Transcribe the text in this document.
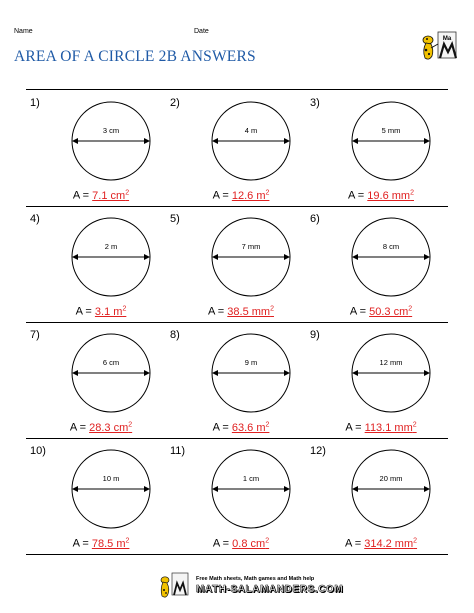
Name	Date
AREA OF A CIRCLE 2B ANSWERS
Ma
1)
3 cm
A = 7.1 $cm^2$
2)
4 m
A = 12.6 $m^2$
3)
5 mm
A = 19.6 $mm^2$
4)
2 m
A = 3.1 $m^2$
5)
7 mm
A = 38.5 $mm^2$
6)
8 cm
A = 50.3 $cm^2$
7)
6 cm
A = 28.3 $cm^2$
8)
9 m
A = 63.6 $m^2$
9)
12 mm
A = 113.1 $mm^2$
10)
10 m
A = 78.5 $m^2$
11)
1 cm
A = 0.8 $cm^2$
12)
20 mm
A = 314.2 $mm^2$
Free Math sheets, Math games and Math help
MATH-SALAMANDERS.COM
